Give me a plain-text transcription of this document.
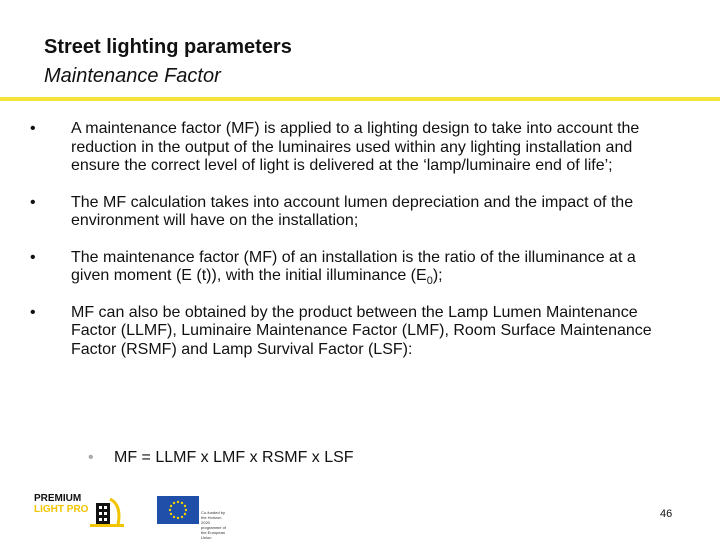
Street lighting parameters
Maintenance Factor
•	A maintenance factor (MF) is applied to a lighting design to take into account the reduction in the output of the luminaires used within any lighting installation and ensure the correct level of light is delivered at the ‘lamp/luminaire end of life’;
•	The MF calculation takes into account lumen depreciation and the impact of the environment will have on the installation;
•	The maintenance factor (MF) of an installation is the ratio of the illuminance at a given moment (E (t)), with the initial illuminance $(E_0)$;
•	MF can also be obtained by the product between the Lamp Lumen Maintenance Factor (LLMF), Luminaire Maintenance Factor (LMF), Room Surface Maintenance Factor (RSMF) and Lamp Survival Factor (LSF):
•	MF = LLMF x LMF x RSMF x LSF
PREMIUM
LIGHT PRO	Co-funded by the Horizon 2020 programme of the European Union
46
